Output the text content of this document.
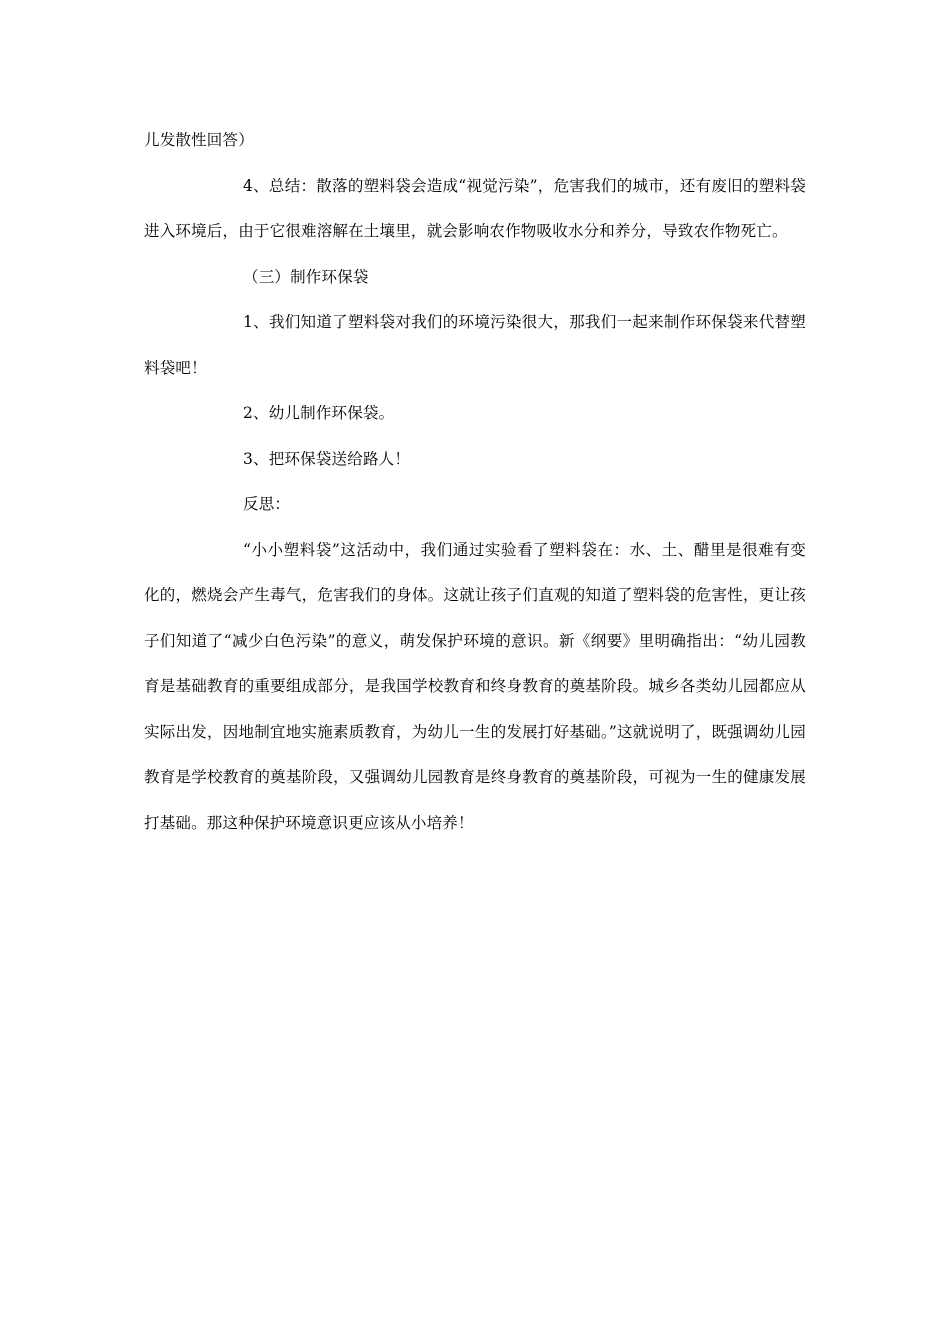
儿发散性回答）

4、总结：散落的塑料袋会造成“视觉污染”，危害我们的城市，还有废旧的塑料袋进入环境后，由于它很难溶解在土壤里，就会影响农作物吸收水分和养分，导致农作物死亡。

（三）制作环保袋

1、我们知道了塑料袋对我们的环境污染很大，那我们一起来制作环保袋来代替塑料袋吧！

2、幼儿制作环保袋。

3、把环保袋送给路人！

反思：

“小小塑料袋”这活动中，我们通过实验看了塑料袋在：水、土、醋里是很难有变化的，燃烧会产生毒气，危害我们的身体。这就让孩子们直观的知道了塑料袋的危害性，更让孩子们知道了“减少白色污染”的意义，萌发保护环境的意识。新《纲要》里明确指出：“幼儿园教育是基础教育的重要组成部分，是我国学校教育和终身教育的奠基阶段。城乡各类幼儿园都应从实际出发，因地制宜地实施素质教育，为幼儿一生的发展打好基础。”这就说明了，既强调幼儿园教育是学校教育的奠基阶段，又强调幼儿园教育是终身教育的奠基阶段，可视为一生的健康发展打基础。那这种保护环境意识更应该从小培养！
